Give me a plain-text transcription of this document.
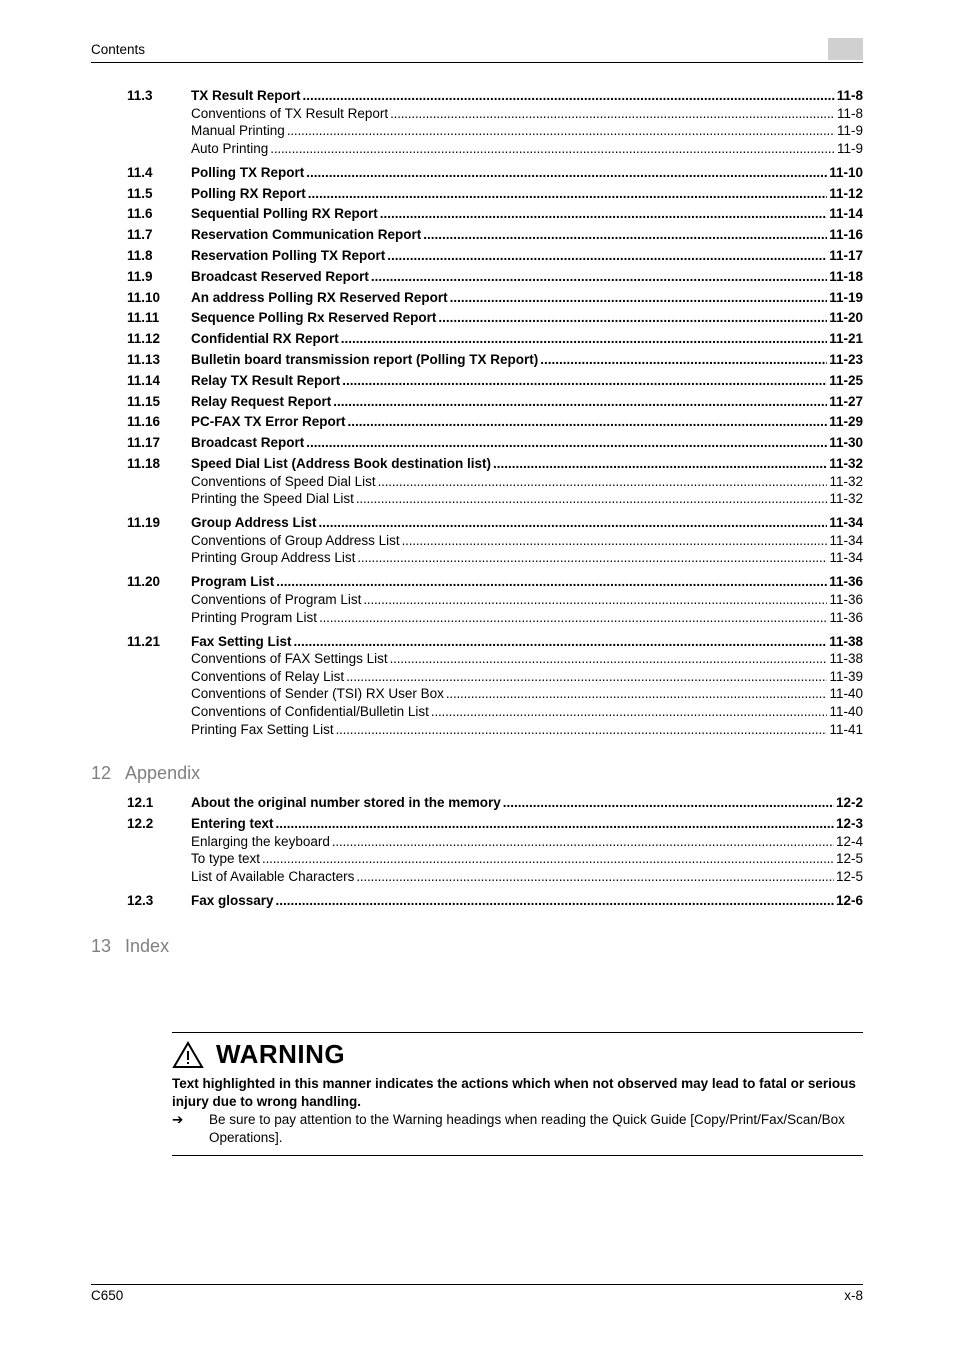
Contents
11.3	TX Result Report .....	11-8
Conventions of TX Result Report .....	11-8
Manual Printing .....	11-9
Auto Printing .....	11-9
11.4	Polling TX Report .....	11-10
11.5	Polling RX Report .....	11-12
11.6	Sequential Polling RX Report .....	11-14
11.7	Reservation Communication Report .....	11-16
11.8	Reservation Polling TX Report .....	11-17
11.9	Broadcast Reserved Report .....	11-18
11.10	An address Polling RX Reserved Report .....	11-19
11.11	Sequence Polling Rx Reserved Report .....	11-20
11.12	Confidential RX Report .....	11-21
11.13	Bulletin board transmission report (Polling TX Report) .....	11-23
11.14	Relay TX Result Report .....	11-25
11.15	Relay Request Report .....	11-27
11.16	PC-FAX TX Error Report .....	11-29
11.17	Broadcast Report .....	11-30
11.18	Speed Dial List (Address Book destination list) .....	11-32
Conventions of Speed Dial List .....	11-32
Printing the Speed Dial List .....	11-32
11.19	Group Address List .....	11-34
Conventions of Group Address List .....	11-34
Printing Group Address List .....	11-34
11.20	Program List .....	11-36
Conventions of Program List .....	11-36
Printing Program List .....	11-36
11.21	Fax Setting List .....	11-38
Conventions of FAX Settings List .....	11-38
Conventions of Relay List .....	11-39
Conventions of Sender (TSI) RX User Box .....	11-40
Conventions of Confidential/Bulletin List .....	11-40
Printing Fax Setting List .....	11-41
12 Appendix
12.1	About the original number stored in the memory .....	12-2
12.2	Entering text .....	12-3
Enlarging the keyboard .....	12-4
To type text .....	12-5
List of Available Characters .....	12-5
12.3	Fax glossary .....	12-6
13 Index
WARNING
Text highlighted in this manner indicates the actions which when not observed may lead to fatal or serious injury due to wrong handling.
➔	Be sure to pay attention to the Warning headings when reading the Quick Guide [Copy/Print/Fax/Scan/Box Operations].
C650	x-8
